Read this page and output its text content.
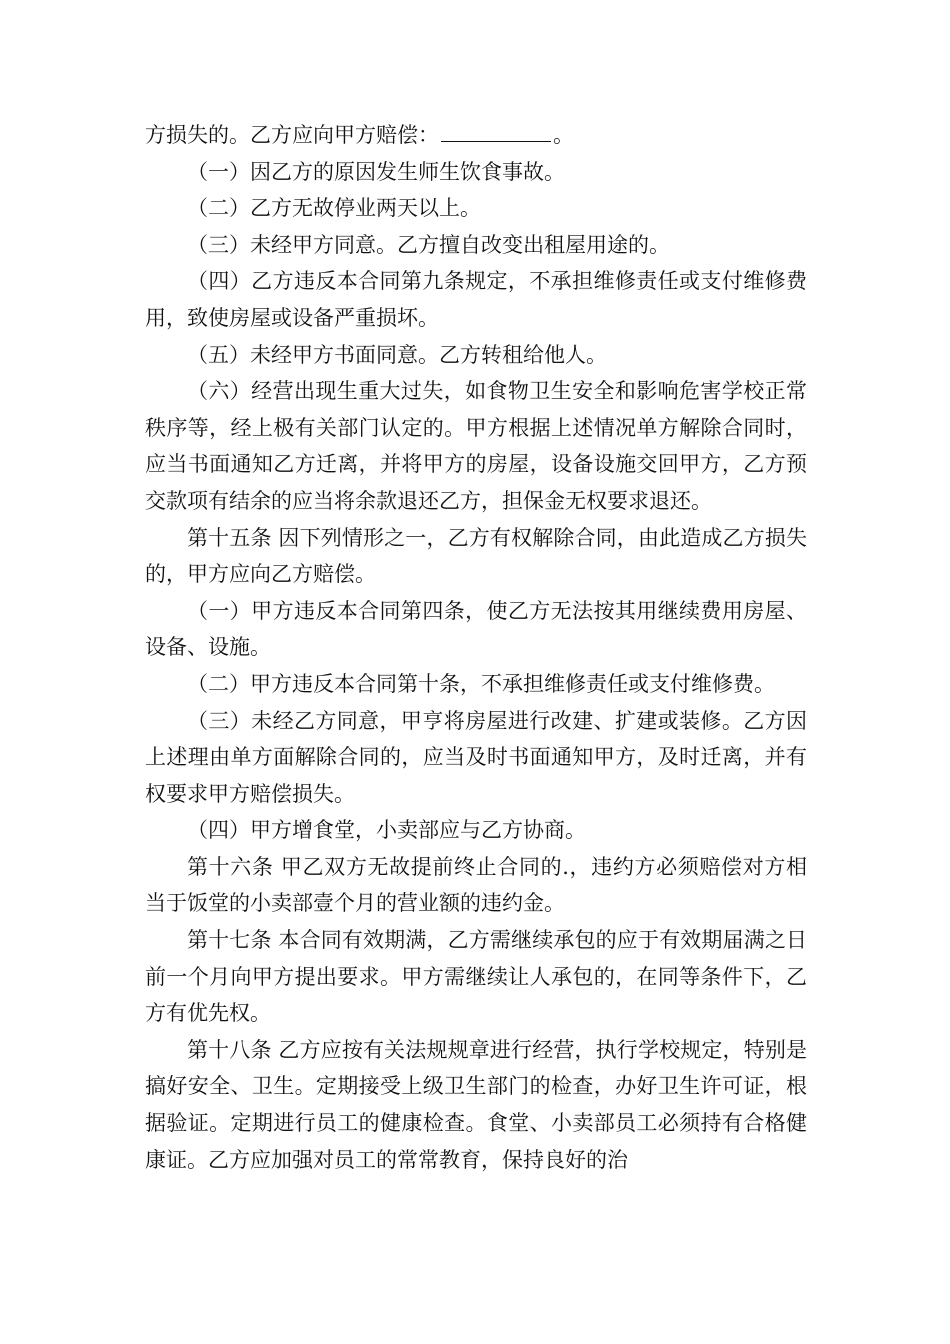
方损失的。乙方应向甲方赔偿：	。

（一）因乙方的原因发生师生饮食事故。

（二）乙方无故停业两天以上。

（三）未经甲方同意。乙方擅自改变出租屋用途的。

（四）乙方违反本合同第九条规定，不承担维修责任或支付维修费用，致使房屋或设备严重损坏。

（五）未经甲方书面同意。乙方转租给他人。

（六）经营出现生重大过失，如食物卫生安全和影响危害学校正常秩序等，经上极有关部门认定的。甲方根据上述情况单方解除合同时，应当书面通知乙方迁离，并将甲方的房屋，设备设施交回甲方，乙方预交款项有结余的应当将余款退还乙方，担保金无权要求退还。

第十五条 因下列情形之一，乙方有权解除合同，由此造成乙方损失的，甲方应向乙方赔偿。

（一）甲方违反本合同第四条，使乙方无法按其用继续费用房屋、设备、设施。

（二）甲方违反本合同第十条，不承担维修责任或支付维修费。

（三）未经乙方同意，甲亨将房屋进行改建、扩建或装修。乙方因上述理由单方面解除合同的，应当及时书面通知甲方，及时迁离，并有权要求甲方赔偿损失。

（四）甲方增食堂，小卖部应与乙方协商。

第十六条 甲乙双方无故提前终止合同的.，违约方必须赔偿对方相当于饭堂的小卖部壹个月的营业额的违约金。

第十七条 本合同有效期满，乙方需继续承包的应于有效期届满之日前一个月向甲方提出要求。甲方需继续让人承包的，在同等条件下，乙方有优先权。

第十八条 乙方应按有关法规规章进行经营，执行学校规定，特别是搞好安全、卫生。定期接受上级卫生部门的检查，办好卫生许可证，根据验证。定期进行员工的健康检查。食堂、小卖部员工必须持有合格健康证。乙方应加强对员工的常常教育，保持良好的治
